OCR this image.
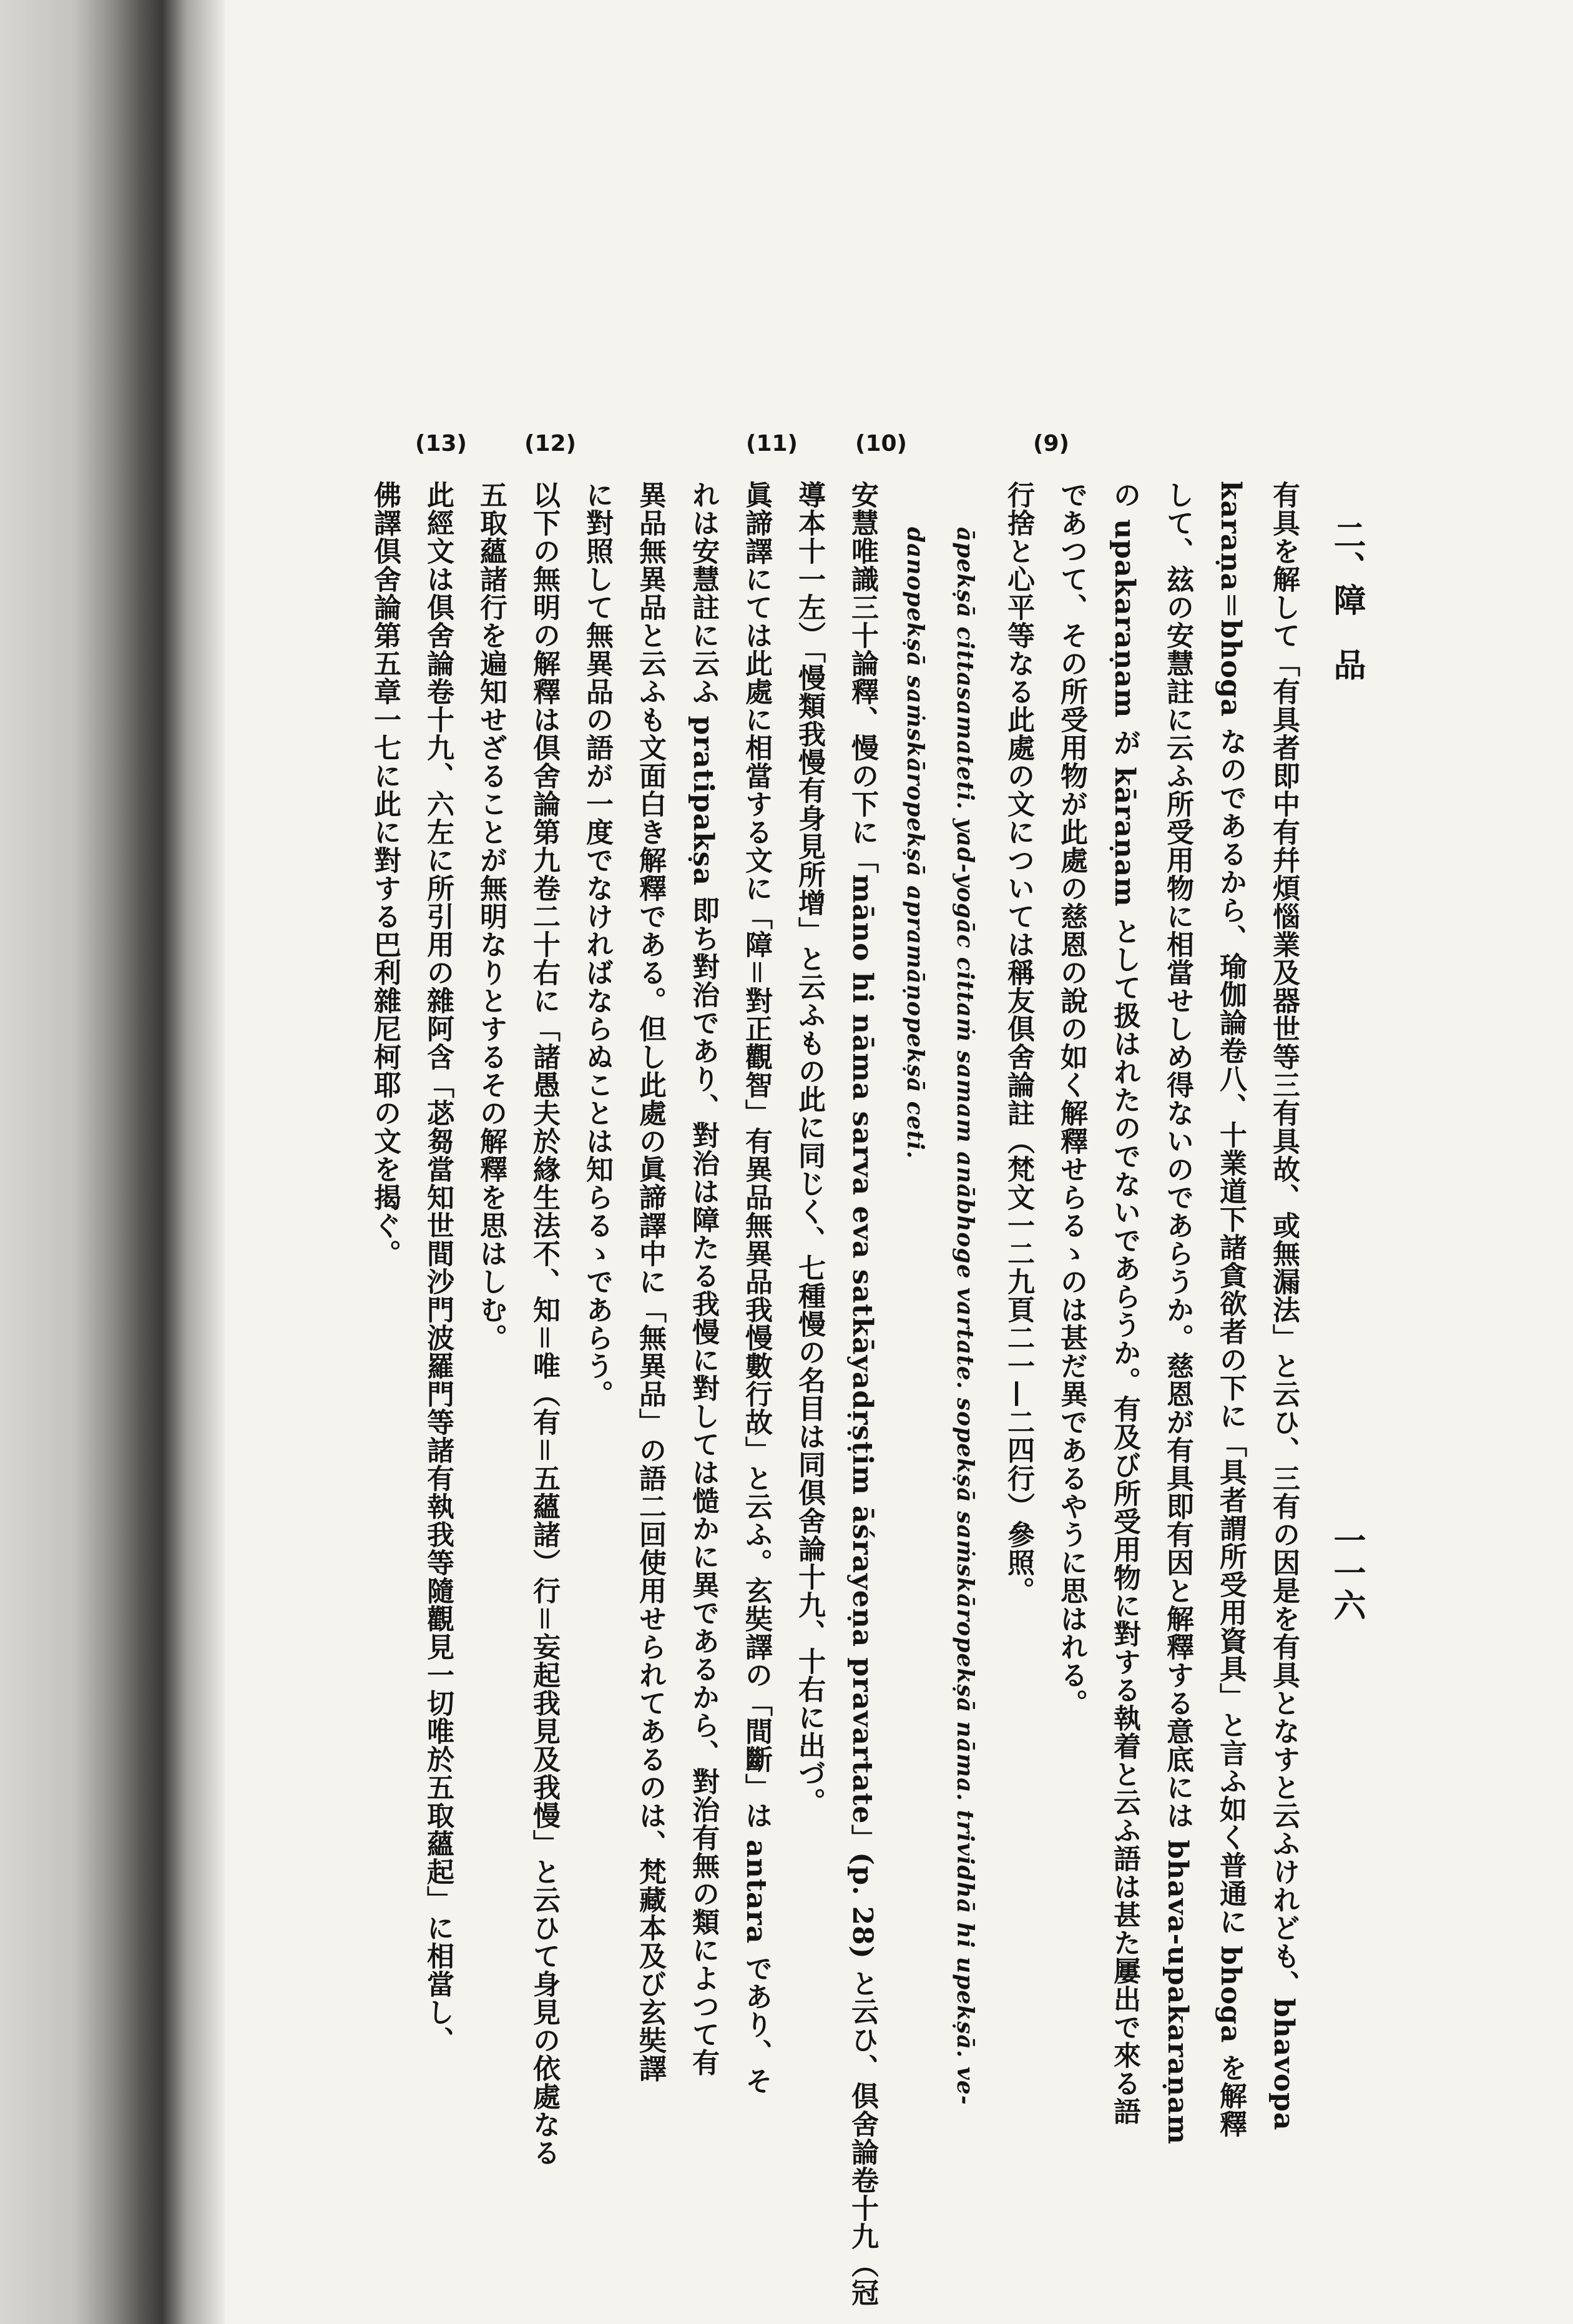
二、障　品
一一六
(9)
(10)
(11)
(12)
(13)
有具を解して「有具者即中有幷煩惱業及器世等三有具故、或無漏法」と云ひ、三有の因是を有具となすと云ふけれども、bhavopa
karaṇa＝bhoga なのであるから、瑜伽論卷八、十業道下諸貪欲者の下に「具者謂所受用資具」と言ふ如く普通に bhoga を解釋
して、玆の安慧註に云ふ所受用物に相當せしめ得ないのであらうか。慈恩が有具即有因と解釋する意底には bhava-upakaraṇam
の upakaraṇam が kāraṇam として扱はれたのでないであらうか。有及び所受用物に對する執着と云ふ語は甚た屢出で來る語
であつて、その所受用物が此處の慈恩の說の如く解釋せらるゝのは甚だ異であるやうに思はれる。
行捨と心平等なる此處の文については稱友倶舍論註（梵文一二九頁二一—二四行）參照。
　　āpekṣā cittasamateti. yad-yogāc cittaṁ samam anābhoge vartate. sopekṣā saṁskāropekṣā nāma. trividhā hi upekṣā. ve-
　　danopekṣā saṁskāropekṣā apramāṇopekṣā ceti.
安慧唯識三十論釋、慢の下に「māno hi nāma sarva eva satkāyadṛṣṭim āśrayeṇa pravartate」(p. 28) と云ひ、倶舍論卷十九（冠
導本十一左）「慢類我慢有身見所增」と云ふもの此に同じく、七種慢の名目は同倶舍論十九、十右に出づ。
眞諦譯にては此處に相當する文に「障＝對正觀智」有異品無異品我慢數行故」と云ふ。玄奘譯の「間斷」は antara であり、そ
れは安慧註に云ふ pratipakṣa 即ち對治であり、對治は障たる我慢に對しては慥かに異であるから、對治有無の類によつて有
異品無異品と云ふも文面白き解釋である。但し此處の眞諦譯中に「無異品」の語二回使用せられてあるのは、梵藏本及び玄奘譯
に對照して無異品の語が一度でなければならぬことは知らるゝであらう。
以下の無明の解釋は倶舍論第九卷二十右に「諸愚夫於緣生法不、知＝唯（有＝五蘊諸）行＝妄起我見及我慢」と云ひて身見の依處なる
五取蘊諸行を遍知せざることが無明なりとするその解釋を思はしむ。
此經文は倶舍論卷十九、六左に所引用の雜阿含「苾芻當知世間沙門波羅門等諸有執我等隨觀見一切唯於五取蘊起」に相當し、
佛譯倶舍論第五章一七に此に對する巴利雜尼柯耶の文を揭ぐ。
